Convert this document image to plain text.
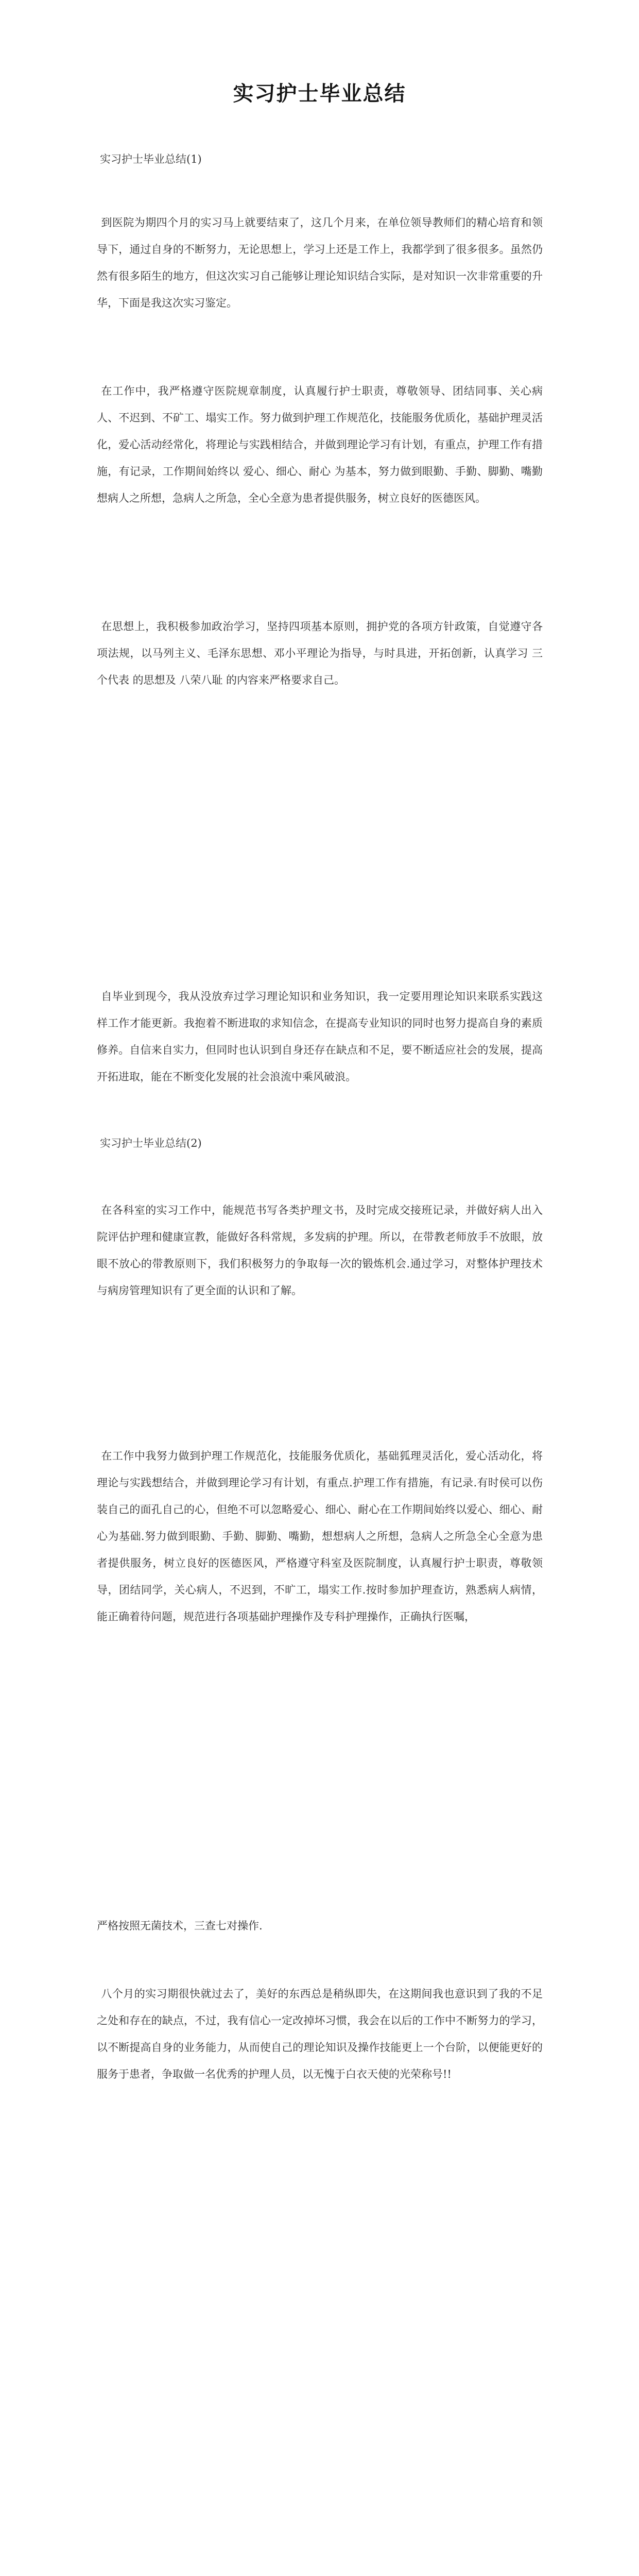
实习护士毕业总结
实习护士毕业总结(1)

到医院为期四个月的实习马上就要结束了，这几个月来，在单位领导教师们的精心培育和领导下，通过自身的不断努力，无论思想上，学习上还是工作上，我都学到了很多很多。虽然仍然有很多陌生的地方，但这次实习自己能够让理论知识结合实际，是对知识一次非常重要的升华，下面是我这次实习鉴定。

在工作中，我严格遵守医院规章制度，认真履行护士职责，尊敬领导、团结同事、关心病人、不迟到、不矿工、塌实工作。努力做到护理工作规范化，技能服务优质化，基础护理灵活化，爱心活动经常化，将理论与实践相结合，并做到理论学习有计划，有重点，护理工作有措施，有记录，工作期间始终以 爱心、细心、耐心 为基本，努力做到眼勤、手勤、脚勤、嘴勤 想病人之所想，急病人之所急，全心全意为患者提供服务，树立良好的医德医风。

在思想上，我积极参加政治学习，坚持四项基本原则，拥护党的各项方针政策，自觉遵守各项法规，以马列主义、毛泽东思想、邓小平理论为指导，与时具进，开拓创新，认真学习 三个代表 的思想及 八荣八耻 的内容来严格要求自己。

自毕业到现今，我从没放弃过学习理论知识和业务知识，我一定要用理论知识来联系实践这样工作才能更新。我抱着不断进取的求知信念，在提高专业知识的同时也努力提高自身的素质修养。自信来自实力，但同时也认识到自身还存在缺点和不足，要不断适应社会的发展，提高开拓进取，能在不断变化发展的社会浪流中乘风破浪。

实习护士毕业总结(2)

在各科室的实习工作中，能规范书写各类护理文书，及时完成交接班记录，并做好病人出入院评估护理和健康宣教，能做好各科常规，多发病的护理。所以，在带教老师放手不放眼，放眼不放心的带教原则下，我们积极努力的争取每一次的锻炼机会.通过学习，对整体护理技术与病房管理知识有了更全面的认识和了解。

在工作中我努力做到护理工作规范化，技能服务优质化，基础狐理灵活化，爱心活动化，将理论与实践想结合，并做到理论学习有计划，有重点.护理工作有措施，有记录.有时侯可以伤装自己的面孔自己的心，但绝不可以忽略爱心、细心、耐心在工作期间始终以爱心、细心、耐心为基础.努力做到眼勤、手勤、脚勤、嘴勤，想想病人之所想，急病人之所急全心全意为患者提供服务，树立良好的医德医风，严格遵守科室及医院制度，认真履行护士职责，尊敬领导，团结同学，关心病人，不迟到，不旷工，塌实工作.按时参加护理查访，熟悉病人病情，能正确着待问题，规范进行各项基础护理操作及专科护理操作，正确执行医嘱，

严格按照无菌技术，三查七对操作.

八个月的实习期很快就过去了，美好的东西总是稍纵即失，在这期间我也意识到了我的不足之处和存在的缺点，不过，我有信心一定改掉坏习惯，我会在以后的工作中不断努力的学习，以不断提高自身的业务能力，从而使自己的理论知识及操作技能更上一个台阶，以便能更好的服务于患者，争取做一名优秀的护理人员，以无愧于白衣天使的光荣称号!!
